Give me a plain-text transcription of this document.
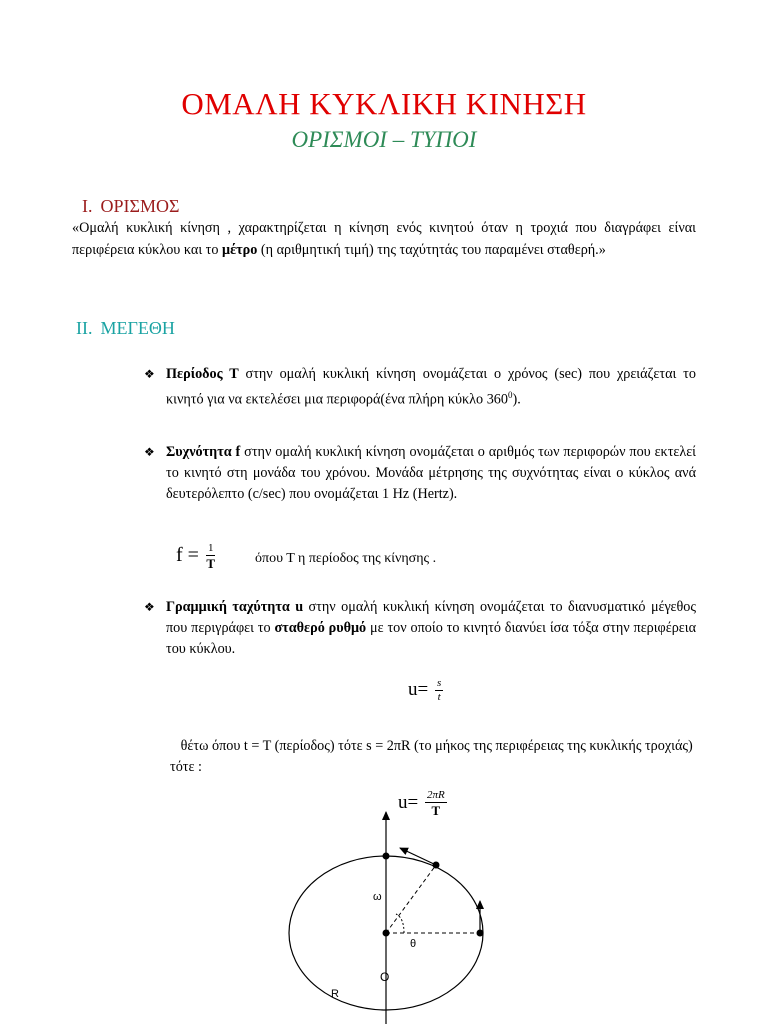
ΟΜΑΛΗ ΚΥΚΛΙΚΗ ΚΙΝΗΣΗ
ΟΡΙΣΜΟΙ – ΤΥΠΟΙ
I. ΟΡΙΣΜΟΣ
«Ομαλή κυκλική κίνηση , χαρακτηρίζεται η κίνηση ενός κινητού όταν η τροχιά που διαγράφει είναι περιφέρεια κύκλου και το μέτρο (η αριθμητική τιμή) της ταχύτητάς του παραμένει σταθερή.»
II. ΜΕΓΕΘΗ
❖ Περίοδος Τ στην ομαλή κυκλική κίνηση ονομάζεται ο χρόνος (sec) που χρειάζεται το κινητό για να εκτελέσει μια περιφορά(ένα πλήρη κύκλο $360^0$).
❖ Συχνότητα f στην ομαλή κυκλική κίνηση ονομάζεται ο αριθμός των περιφορών που εκτελεί το κινητό στη μονάδα του χρόνου. Μονάδα μέτρησης της συχνότητας είναι ο κύκλος ανά δευτερόλεπτο (c/sec) που ονομάζεται 1 Hz (Hertz).
$f = \frac{1}{T}$	όπου Τ η περίοδος της κίνησης .
❖ Γραμμική ταχύτητα u στην ομαλή κυκλική κίνηση ονομάζεται το διανυσματικό μέγεθος που περιγράφει το σταθερό ρυθμό με τον οποίο το κινητό διανύει ίσα τόξα στην περιφέρεια του κύκλου.
$u= \frac{s}{t}$
θέτω όπου t = T (περίοδος) τότε s = 2πR (το μήκος της περιφέρειας της κυκλικής τροχιάς) τότε :
$u= \frac{2\pi R}{T}$
ω
θ
O
R
